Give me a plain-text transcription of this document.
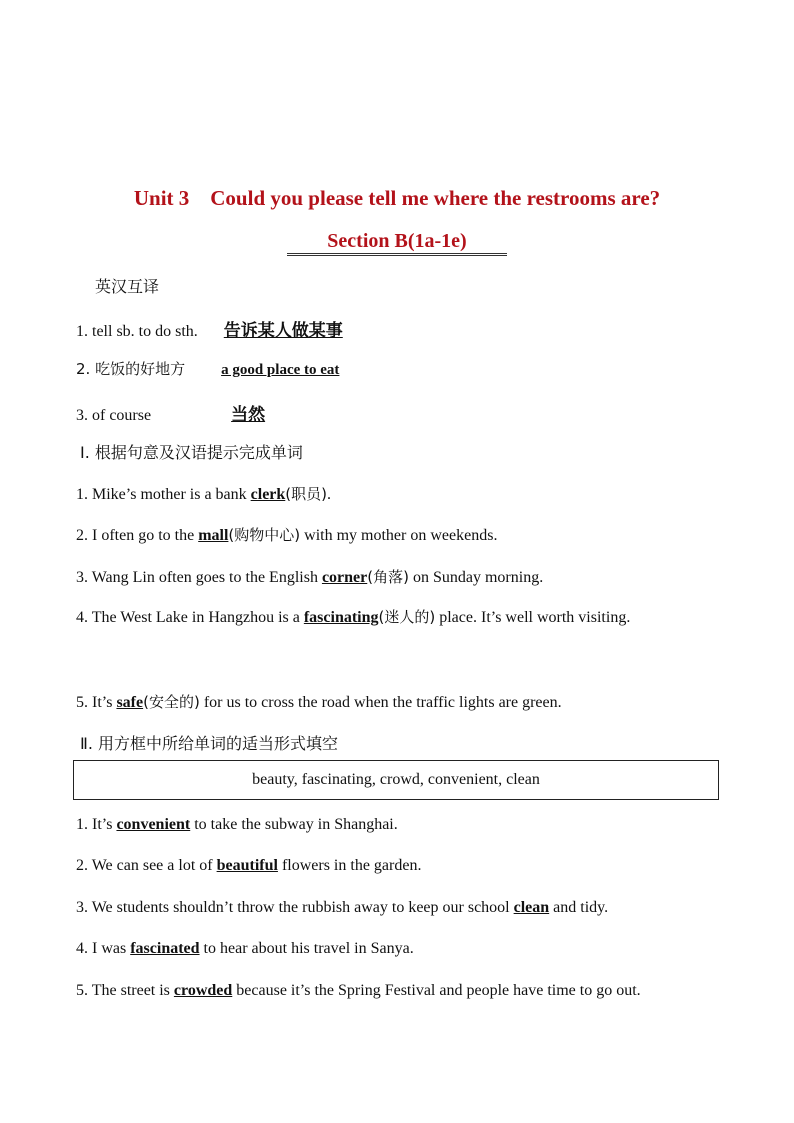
Unit 3    Could you please tell me where the restrooms are?
Section B(1a-1e)
英汉互译
1. tell sb. to do sth. 告诉某人做某事
2. 吃饭的好地方 a good place to eat
3. of course	当然
Ⅰ. 根据句意及汉语提示完成单词
1. Mike’s mother is a bank clerk(职员).
2. I often go to the mall(购物中心) with my mother on weekends.
3. Wang Lin often goes to the English corner(角落) on Sunday morning.
4. The West Lake in Hangzhou is a fascinating(迷人的) place. It’s well worth visiting.
5. It’s safe(安全的) for us to cross the road when the traffic lights are green.
Ⅱ. 用方框中所给单词的适当形式填空
beauty, fascinating, crowd, convenient, clean
1. It’s convenient to take the subway in Shanghai.
2. We can see a lot of beautiful flowers in the garden.
3. We students shouldn’t throw the rubbish away to keep our school clean and tidy.
4. I was fascinated to hear about his travel in Sanya.
5. The street is crowded because it’s the Spring Festival and people have time to go out.
